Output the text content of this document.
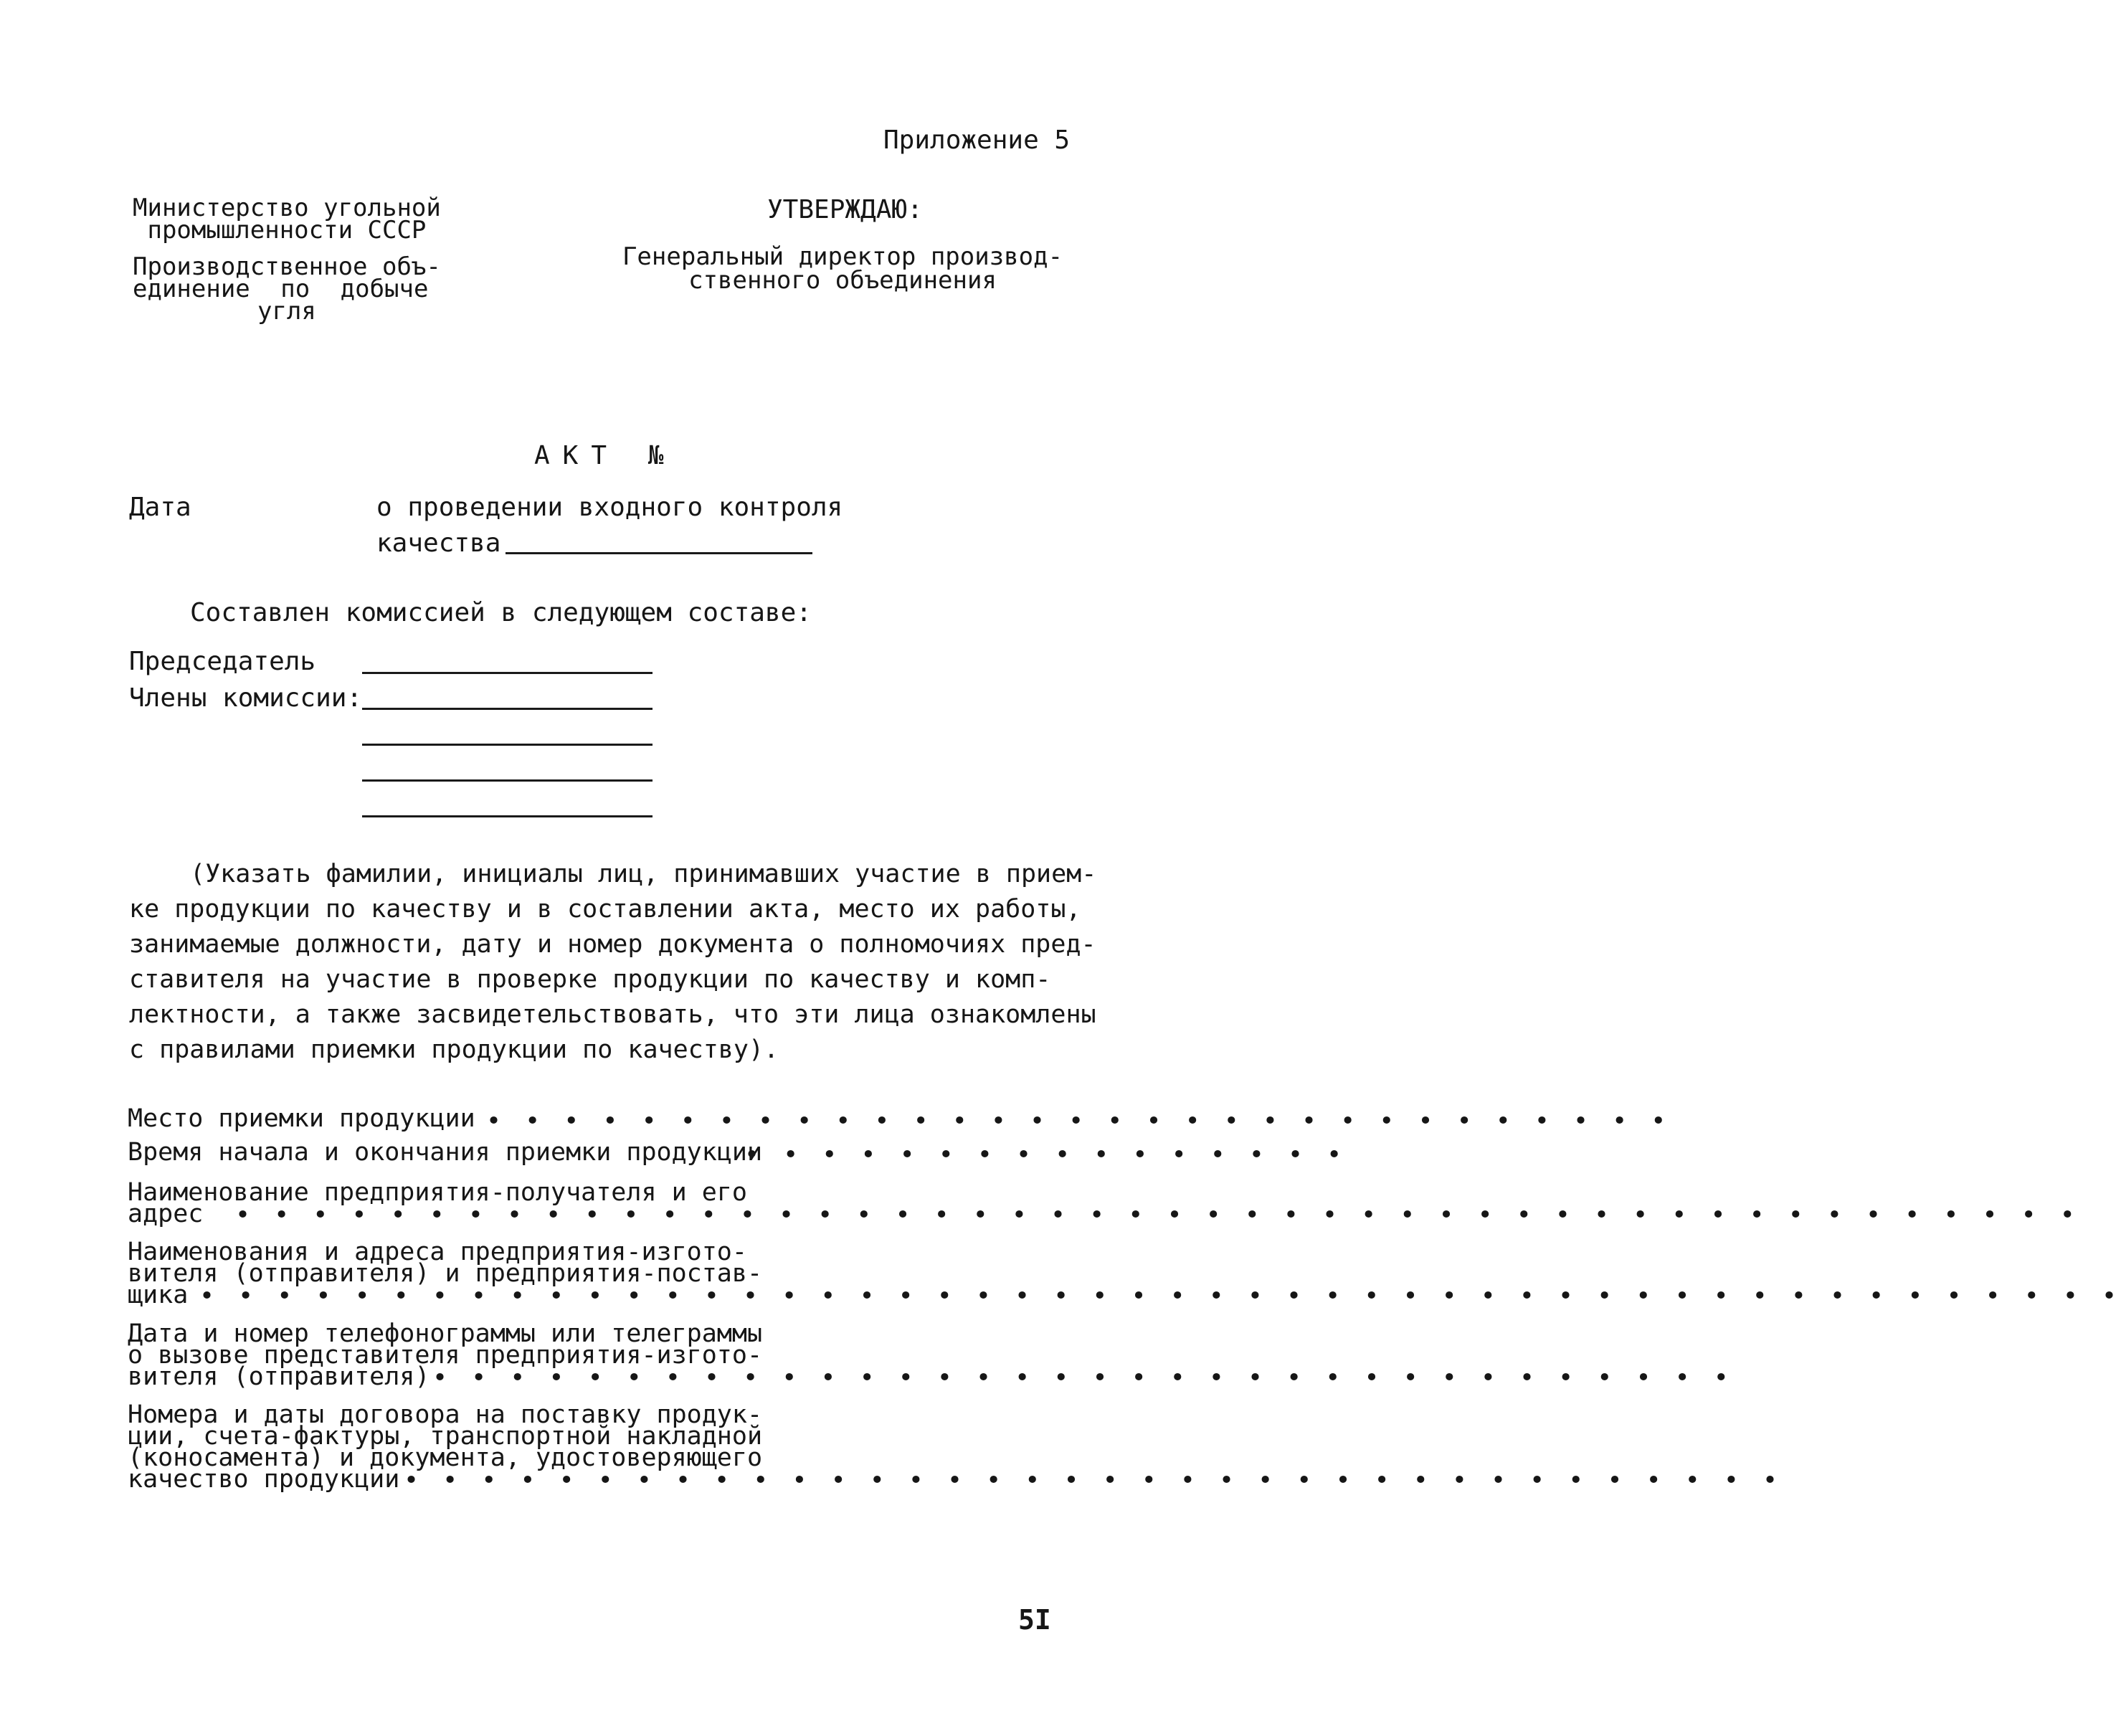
Приложение 5
Министерство угольной
промышленности СССР
Производственное объ-
единение по добыче
угля
УТВЕРЖДАЮ:
Генеральный директор производ-
ственного объединения
АКТ №
Дата	о проведении входного контроля
качества
Составлен комиссией в следующем составе:
Председатель
Члены комиссии:
(Указать фамилии, инициалы лиц, принимавших участие в прием-
ке продукции по качеству и в составлении акта, место их работы,
занимаемые должности, дату и номер документа о полномочиях пред-
ставителя на участие в проверке продукции по качеству и комп-
лектности, а также засвидетельствовать, что эти лица ознакомлены
с правилами приемки продукции по качеству).
Место приемки продукции • • • • • • • • • • • • • • • • • • • • • • • • • • • • • • •
Время начала и окончания приемки продукции
• • • • • • • • • • • • • • • •
Наименование предприятия-получателя и его
адрес	• • • • • • • • • • • • • • • • • • • • • • • • • • • • • • • • • • • • • • • • • • • • • • • •
Наименования и адреса предприятия-изгото-
вителя (отправителя) и предприятия-постав-
щика • • • • • • • • • • • • • • • • • • • • • • • • • • • • • • • • • • • • • • • • • • • • • • • • • •
Дата и номер телефонограммы или телеграммы
о вызове представителя предприятия-изгото-
вителя (отправителя) • • • • • • • • • • • • • • • • • • • • • • • • • • • • • • • • • •
Номера и даты договора на поставку продук-
ции, счета-фактуры, транспортной накладной
(коносамента) и документа, удостоверяющего
качество продукции • • • • • • • • • • • • • • • • • • • • • • • • • • • • • • • • • • • •
5I
